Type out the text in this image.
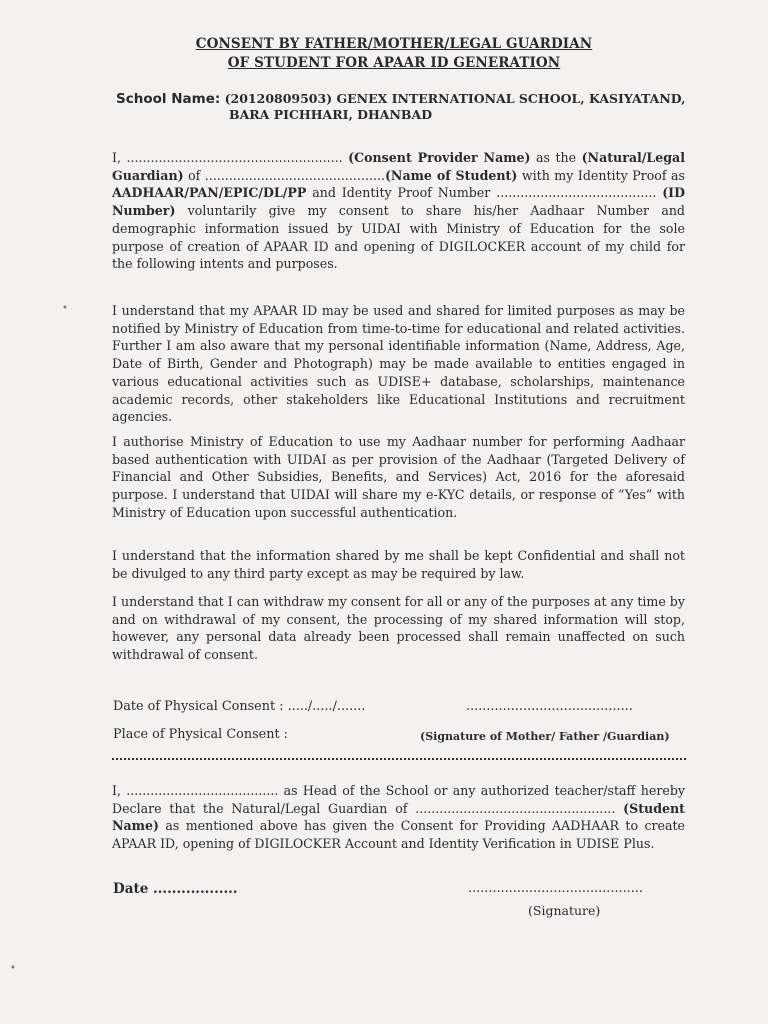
CONSENT BY FATHER/MOTHER/LEGAL GUARDIAN
OF STUDENT FOR APAAR ID GENERATION
School Name: (20120809503) GENEX INTERNATIONAL SCHOOL, KASIYATAND,
BARA PICHHARI, DHANBAD
I, ...................................................... (Consent Provider Name) as the (Natural/Legal Guardian) of .............................................(Name of Student) with my Identity Proof as AADHAAR/PAN/EPIC/DL/PP and Identity Proof Number ........................................ (ID Number) voluntarily give my consent to share his/her Aadhaar Number and demographic information issued by UIDAI with Ministry of Education for the sole purpose of creation of APAAR ID and opening of DIGILOCKER account of my child for the following intents and purposes.
I understand that my APAAR ID may be used and shared for limited purposes as may be notified by Ministry of Education from time-to-time for educational and related activities. Further I am also aware that my personal identifiable information (Name, Address, Age, Date of Birth, Gender and Photograph) may be made available to entities engaged in various educational activities such as UDISE+ database, scholarships, maintenance academic records, other stakeholders like Educational Institutions and recruitment agencies.
I authorise Ministry of Education to use my Aadhaar number for performing Aadhaar based authentication with UIDAI as per provision of the Aadhaar (Targeted Delivery of Financial and Other Subsidies, Benefits, and Services) Act, 2016 for the aforesaid purpose. I understand that UIDAI will share my e-KYC details, or response of “Yes” with Ministry of Education upon successful authentication.
I understand that the information shared by me shall be kept Confidential and shall not be divulged to any third party except as may be required by law.
I understand that I can withdraw my consent for all or any of the purposes at any time by and on withdrawal of my consent, the processing of my shared information will stop, however, any personal data already been processed shall remain unaffected on such withdrawal of consent.
Date of Physical Consent : ...../...../.......	.........................................
Place of Physical Consent :	(Signature of Mother/ Father /Guardian)
I, ...................................... as Head of the School or any authorized teacher/staff hereby Declare that the Natural/Legal Guardian of .................................................. (Student Name) as mentioned above has given the Consent for Providing AADHAAR to create APAAR ID, opening of DIGILOCKER Account and Identity Verification in UDISE Plus.
Date ..................	...........................................
(Signature)
•
•
